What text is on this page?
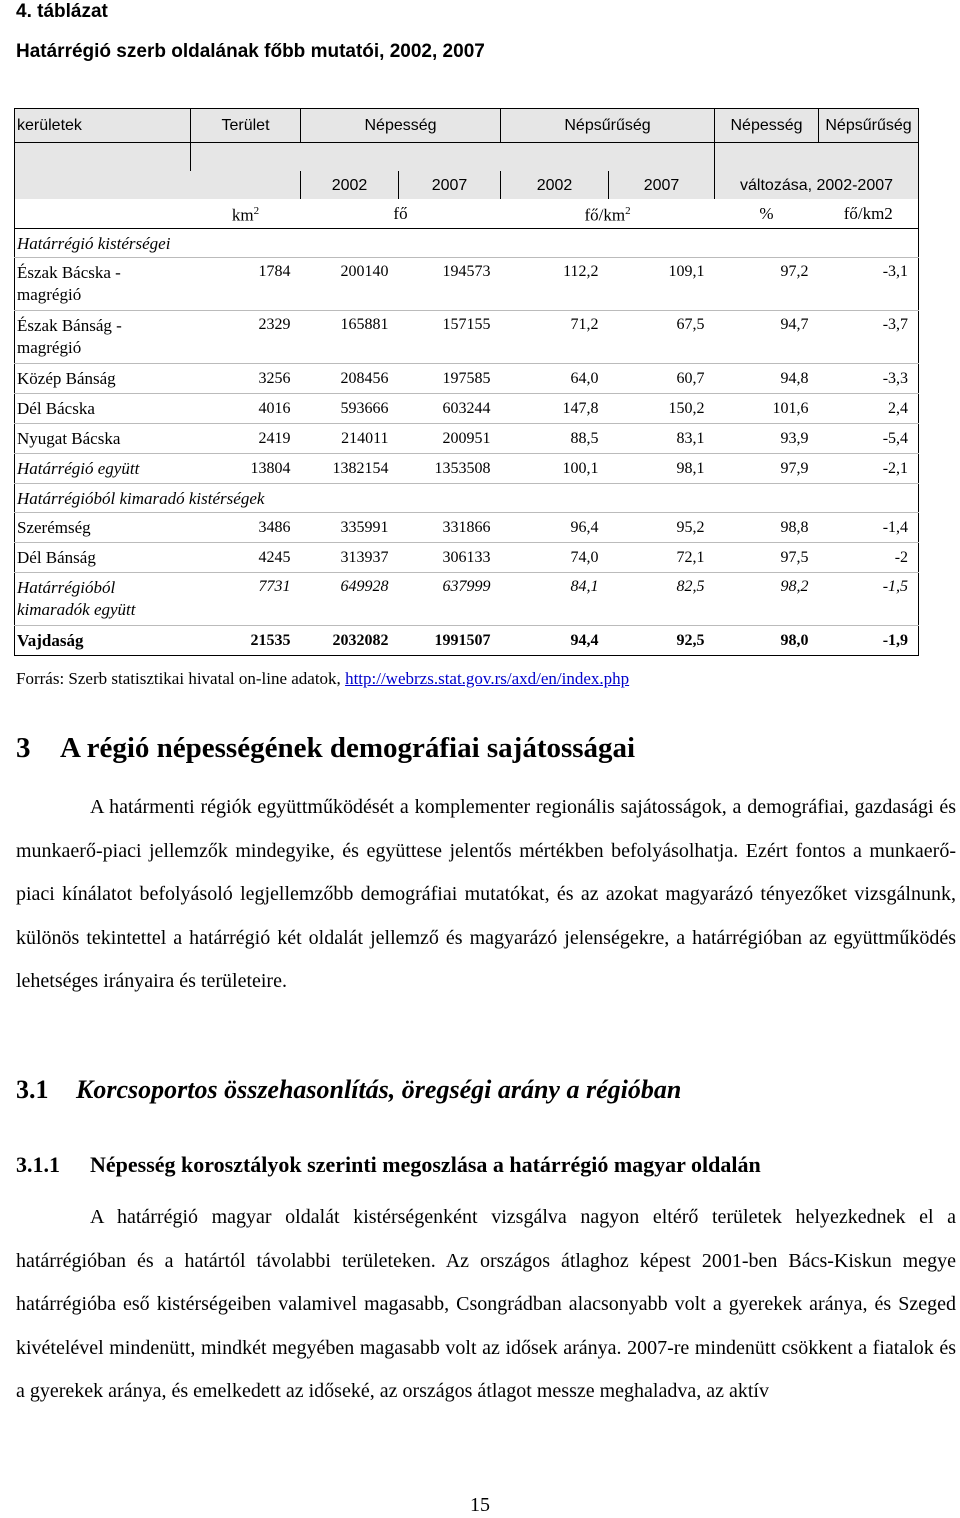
4. táblázat
Határrégió szerb oldalának főbb mutatói, 2002, 2007
kerületek	Terület	Népesség		Népsűrűség		Népesség	Népsűrűség

		2002	2007	2002	2007	változása, 2002-2007	
	$km^2$	fő		$fő/km^2$		%	fő/km2
Határrégió kistérségei							
Észak Bácska - magrégió	1784	200140	194573	112,2	109,1	97,2	-3,1
Észak Bánság - magrégió	2329	165881	157155	71,2	67,5	94,7	-3,7
Közép Bánság	3256	208456	197585	64,0	60,7	94,8	-3,3
Dél Bácska	4016	593666	603244	147,8	150,2	101,6	2,4
Nyugat Bácska	2419	214011	200951	88,5	83,1	93,9	-5,4
Határrégió együtt	13804	1382154	1353508	100,1	98,1	97,9	-2,1
Határrégióból kimaradó kistérségek							
Szerémség	3486	335991	331866	96,4	95,2	98,8	-1,4
Dél Bánság	4245	313937	306133	74,0	72,1	97,5	-2
Határrégióból kimaradók együtt	7731	649928	637999	84,1	82,5	98,2	-1,5
Vajdaság	21535	2032082	1991507	94,4	92,5	98,0	-1,9
Forrás: Szerb statisztikai hivatal on-line adatok, http://webrzs.stat.gov.rs/axd/en/index.php
3 A régió népességének demográfiai sajátosságai
A határmenti régiók együttműködését a komplementer regionális sajátosságok, a demográfiai, gazdasági és munkaerő-piaci jellemzők mindegyike, és együttese jelentős mértékben befolyásolhatja. Ezért fontos a munkaerő-piaci kínálatot befolyásoló legjellemzőbb demográfiai mutatókat, és az azokat magyarázó tényezőket vizsgálnunk, különös tekintettel a határrégió két oldalát jellemző és magyarázó jelenségekre, a határrégióban az együttműködés lehetséges irányaira és területeire.
3.1 Korcsoportos összehasonlítás, öregségi arány a régióban
3.1.1 Népesség korosztályok szerinti megoszlása a határrégió magyar oldalán
A határrégió magyar oldalát kistérségenként vizsgálva nagyon eltérő területek helyezkednek el a határrégióban és a határtól távolabbi területeken. Az országos átlaghoz képest 2001-ben Bács-Kiskun megye határrégióba eső kistérségeiben valamivel magasabb, Csongrádban alacsonyabb volt a gyerekek aránya, és Szeged kivételével mindenütt, mindkét megyében magasabb volt az idősek aránya. 2007-re mindenütt csökkent a fiatalok és a gyerekek aránya, és emelkedett az időseké, az országos átlagot messze meghaladva, az aktív
15
